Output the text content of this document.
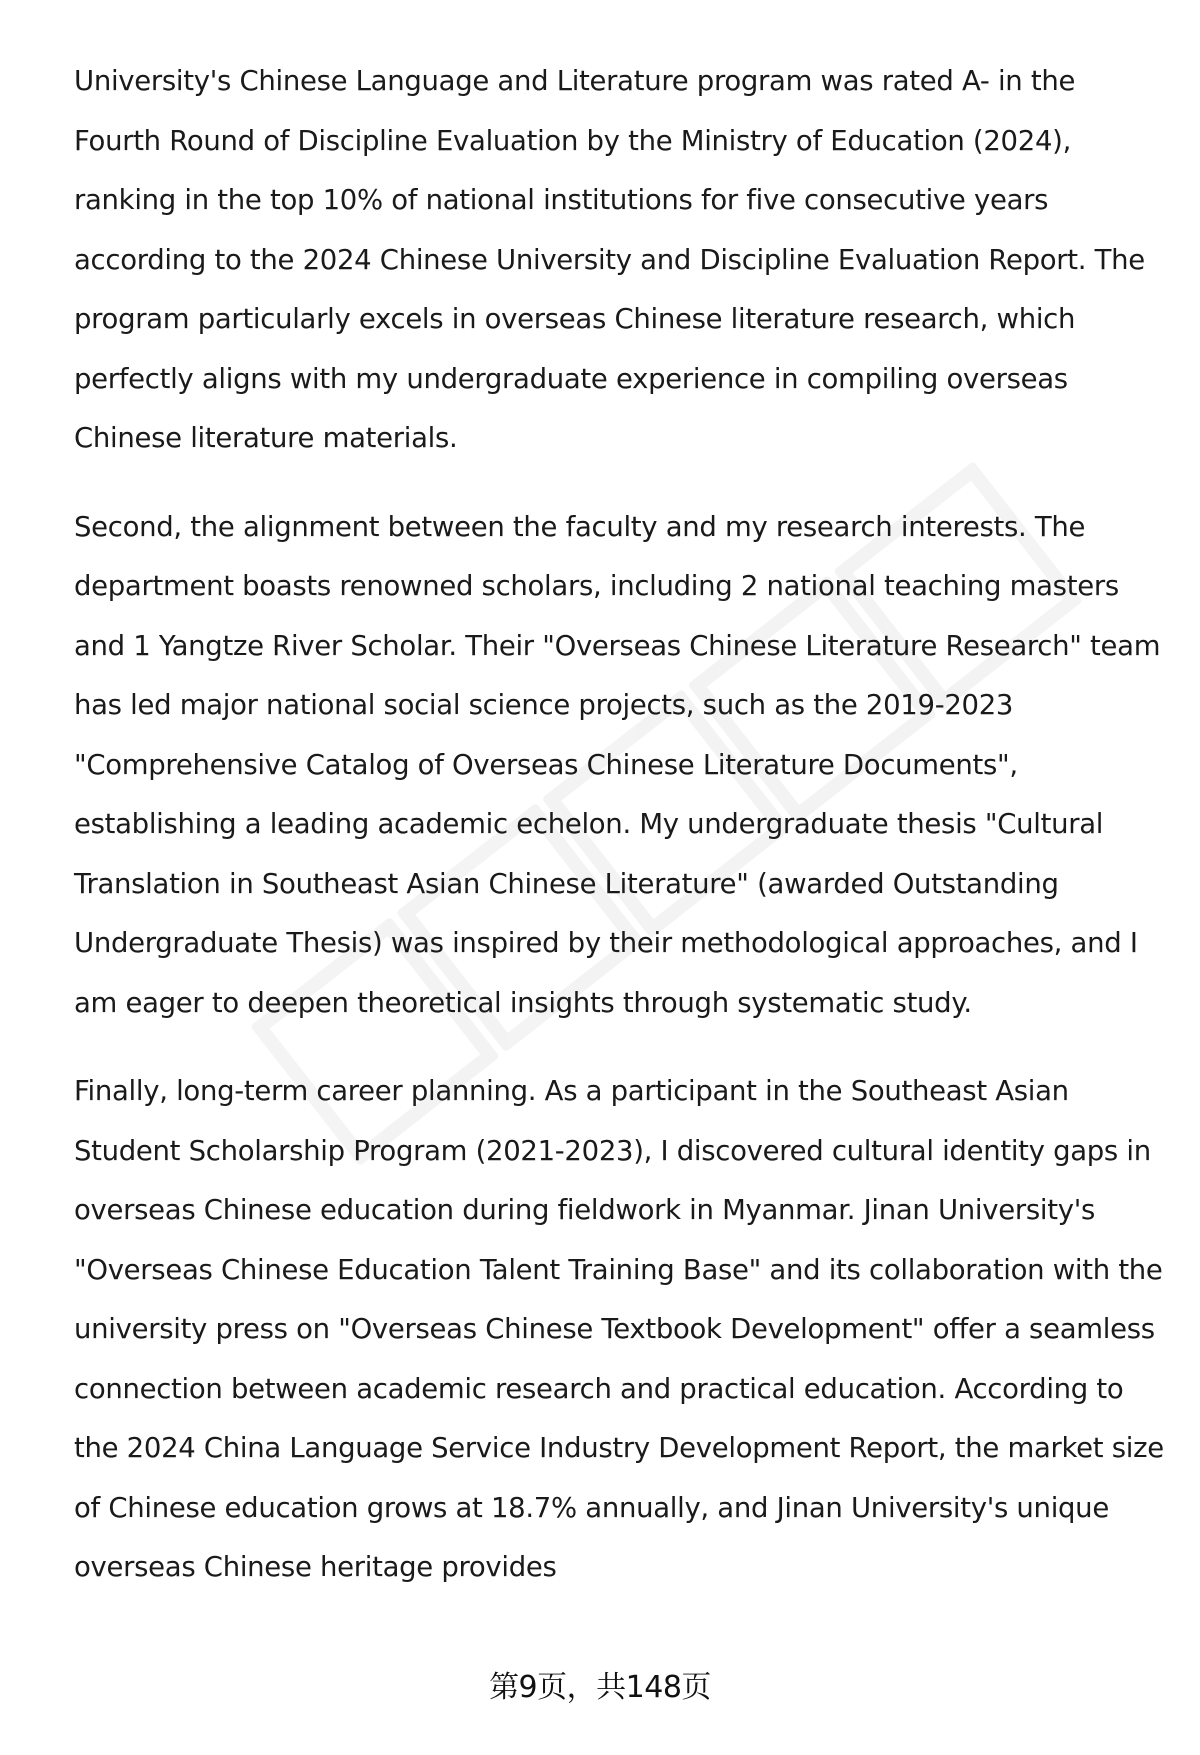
University's Chinese Language and Literature program was rated A- in the Fourth Round of Discipline Evaluation by the Ministry of Education (2024), ranking in the top 10% of national institutions for five consecutive years according to the 2024 Chinese University and Discipline Evaluation Report. The program particularly excels in overseas Chinese literature research, which perfectly aligns with my undergraduate experience in compiling overseas Chinese literature materials.

Second, the alignment between the faculty and my research interests. The department boasts renowned scholars, including 2 national teaching masters and 1 Yangtze River Scholar. Their "Overseas Chinese Literature Research" team has led major national social science projects, such as the 2019-2023 "Comprehensive Catalog of Overseas Chinese Literature Documents", establishing a leading academic echelon. My undergraduate thesis "Cultural Translation in Southeast Asian Chinese Literature" (awarded Outstanding Undergraduate Thesis) was inspired by their methodological approaches, and I am eager to deepen theoretical insights through systematic study.

Finally, long-term career planning. As a participant in the Southeast Asian Student Scholarship Program (2021-2023), I discovered cultural identity gaps in overseas Chinese education during fieldwork in Myanmar. Jinan University's "Overseas Chinese Education Talent Training Base" and its collaboration with the university press on "Overseas Chinese Textbook Development" offer a seamless connection between academic research and practical education. According to the 2024 China Language Service Industry Development Report, the market size of Chinese education grows at 18.7% annually, and Jinan University's unique overseas Chinese heritage provides

第9页，共148页
